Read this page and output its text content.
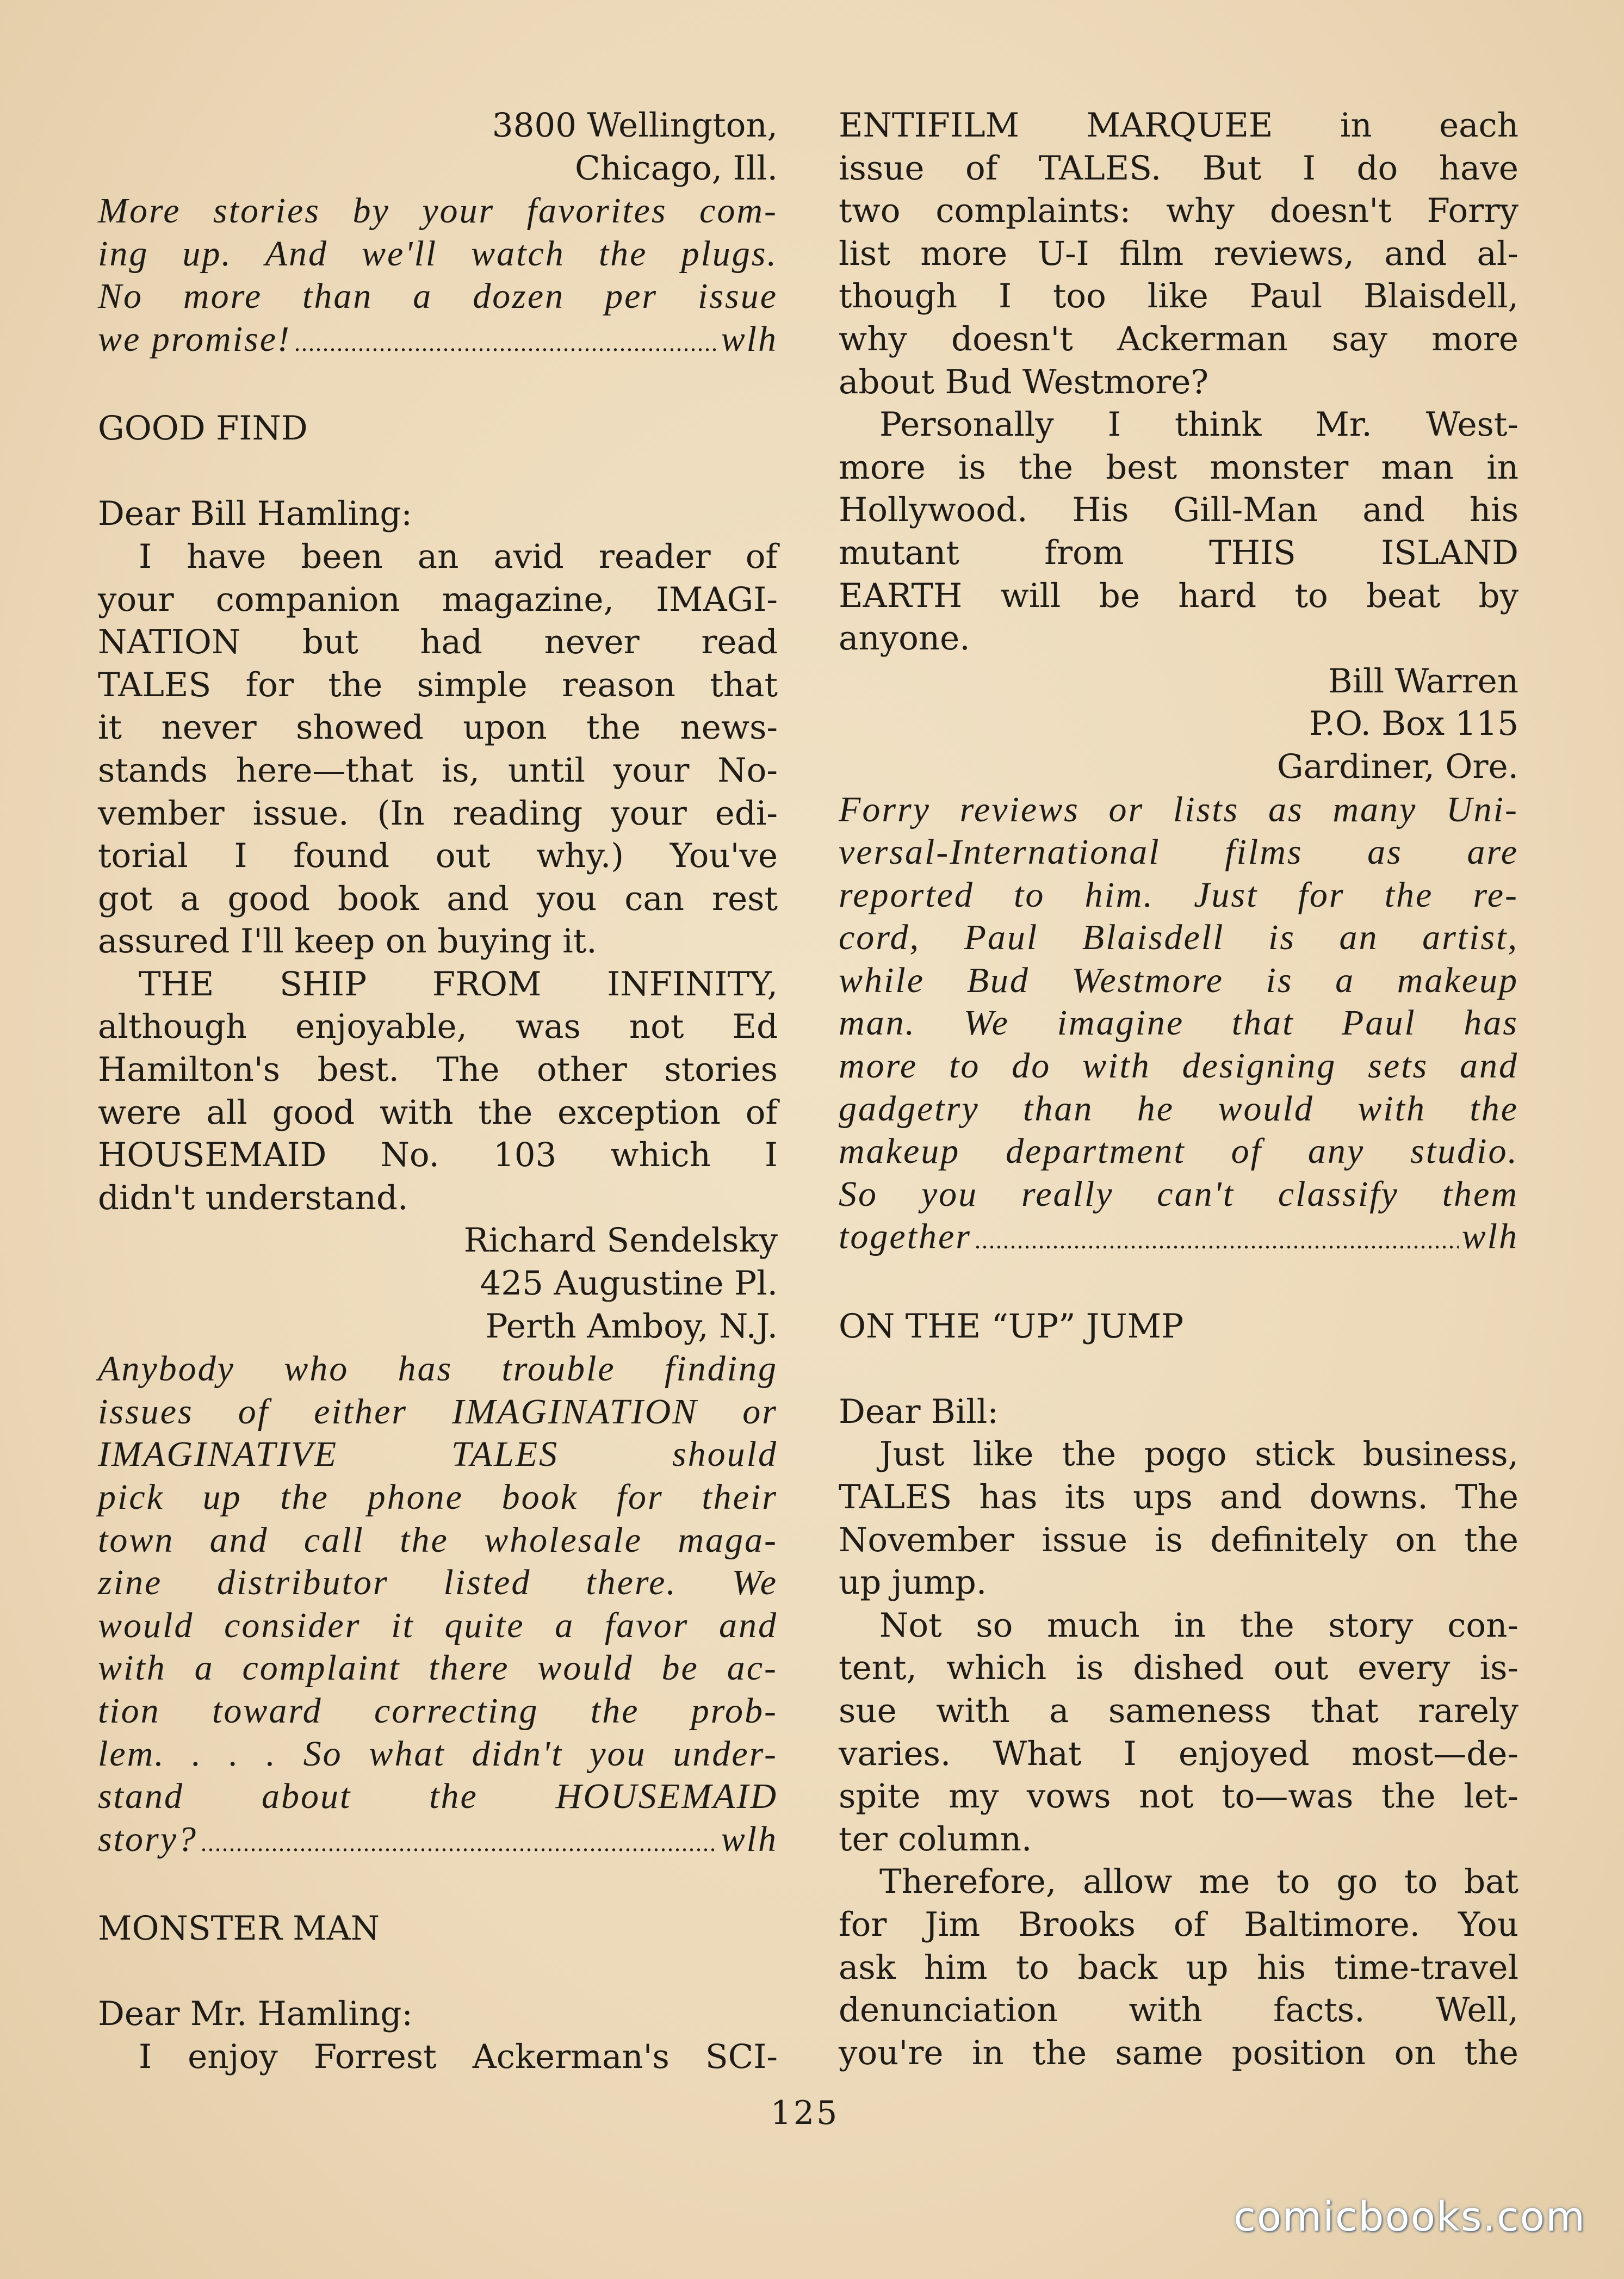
3800 Wellington,

Chicago, Ill.

More stories by your favorites com-

ing up. And we'll watch the plugs.

No more than a dozen per issue

we promise! .....	wlh

GOOD FIND

Dear Bill Hamling:

I have been an avid reader of

your companion magazine, IMAGI-

NATION but had never read

TALES for the simple reason that

it never showed upon the news-

stands here—that is, until your No-

vember issue. (In reading your edi-

torial I found out why.) You've

got a good book and you can rest

assured I'll keep on buying it.

THE SHIP FROM INFINITY,

although enjoyable, was not Ed

Hamilton's best. The other stories

were all good with the exception of

HOUSEMAID No. 103 which I

didn't understand.

Richard Sendelsky

425 Augustine Pl.

Perth Amboy, N.J.

Anybody who has trouble finding

issues of either IMAGINATION or

IMAGINATIVE TALES should

pick up the phone book for their

town and call the wholesale maga-

zine distributor listed there. We

would consider it quite a favor and

with a complaint there would be ac-

tion toward correcting the prob-

lem. . . . So what didn't you under-

stand about the HOUSEMAID

story? .....	wlh

MONSTER MAN

Dear Mr. Hamling:

I enjoy Forrest Ackerman's SCI-

ENTIFILM MARQUEE in each

issue of TALES. But I do have

two complaints: why doesn't Forry

list more U-I film reviews, and al-

though I too like Paul Blaisdell,

why doesn't Ackerman say more

about Bud Westmore?

Personally I think Mr. West-

more is the best monster man in

Hollywood. His Gill-Man and his

mutant from THIS ISLAND

EARTH will be hard to beat by

anyone.

Bill Warren

P.O. Box 115

Gardiner, Ore.

Forry reviews or lists as many Uni-

versal-International films as are

reported to him. Just for the re-

cord, Paul Blaisdell is an artist,

while Bud Westmore is a makeup

man. We imagine that Paul has

more to do with designing sets and

gadgetry than he would with the

makeup department of any studio.

So you really can't classify them

together .....	wlh

ON THE “UP” JUMP

Dear Bill:

Just like the pogo stick business,

TALES has its ups and downs. The

November issue is definitely on the

up jump.

Not so much in the story con-

tent, which is dished out every is-

sue with a sameness that rarely

varies. What I enjoyed most—de-

spite my vows not to—was the let-

ter column.

Therefore, allow me to go to bat

for Jim Brooks of Baltimore. You

ask him to back up his time-travel

denunciation with facts. Well,

you're in the same position on the

125
comicbooks.com
